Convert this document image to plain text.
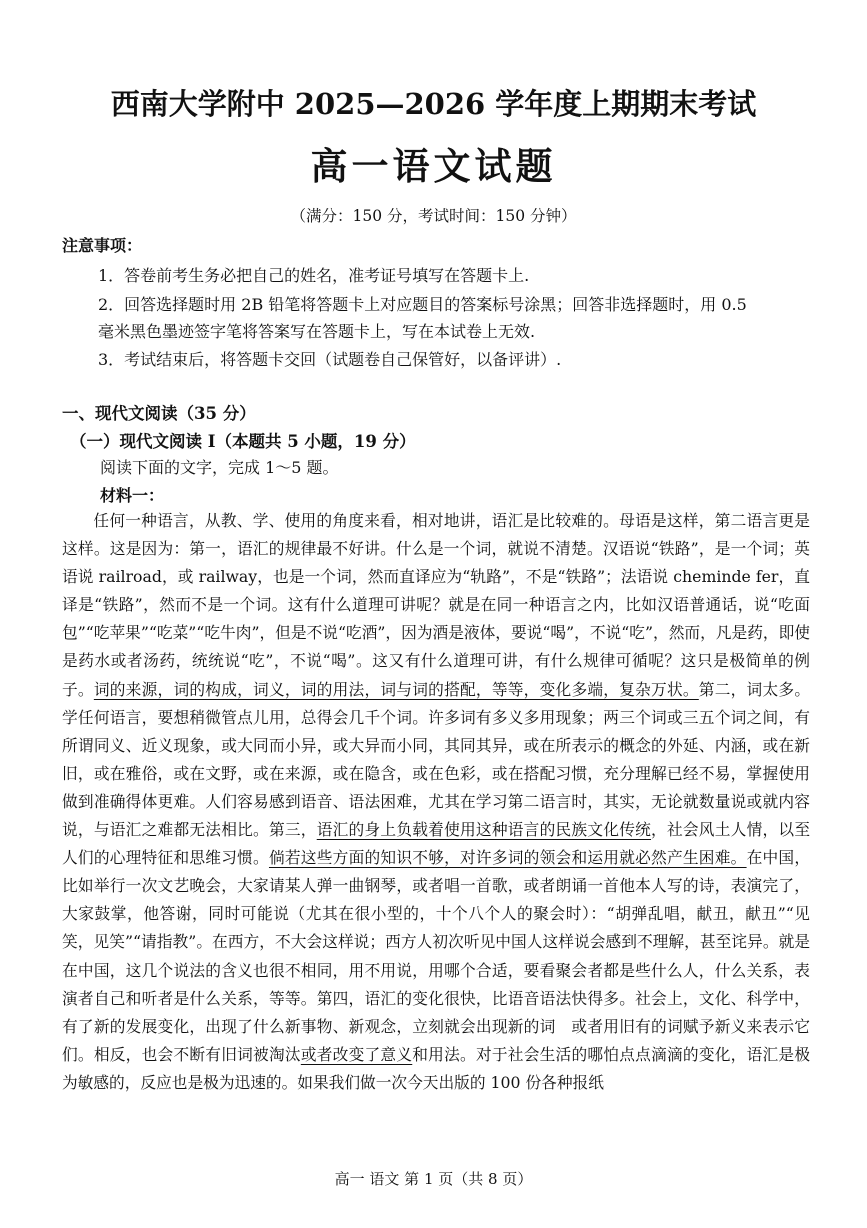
西南大学附中 2025—2026 学年度上期期末考试
高一语文试题
（满分：150 分，考试时间：150 分钟）
注意事项：
1．答卷前考生务必把自己的姓名，准考证号填写在答题卡上.
2．回答选择题时用 2B 铅笔将答题卡上对应题目的答案标号涂黑；回答非选择题时，用 0.5
毫米黑色墨迹签字笔将答案写在答题卡上，写在本试卷上无效.
3．考试结束后，将答题卡交回（试题卷自己保管好，以备评讲）.
一、现代文阅读（35 分）
（一）现代文阅读 I（本题共 5 小题，19 分）
阅读下面的文字，完成 1～5 题。
材料一：
任何一种语言，从教、学、使用的角度来看，相对地讲，语汇是比较难的。母语是这样，第二语言更是这样。这是因为：第一，语汇的规律最不好讲。什么是一个词，就说不清楚。汉语说“铁路”，是一个词；英语说 railroad，或 railway，也是一个词，然而直译应为“轨路”，不是“铁路”；法语说 cheminde fer，直译是“铁路”，然而不是一个词。这有什么道理可讲呢？就是在同一种语言之内，比如汉语普通话，说“吃面包”“吃苹果”“吃菜”“吃牛肉”，但是不说“吃酒”，因为酒是液体，要说“喝”，不说“吃”，然而，凡是药，即使是药水或者汤药，统统说“吃”，不说“喝”。这又有什么道理可讲，有什么规律可循呢？这只是极简单的例子。词的来源，词的构成，词义，词的用法，词与词的搭配，等等，变化多端，复杂万状。第二，词太多。学任何语言，要想稍微管点儿用，总得会几千个词。许多词有多义多用现象；两三个词或三五个词之间，有所谓同义、近义现象，或大同而小异，或大异而小同，其同其异，或在所表示的概念的外延、内涵，或在新旧，或在雅俗，或在文野，或在来源，或在隐含，或在色彩，或在搭配习惯，充分理解已经不易，掌握使用做到准确得体更难。人们容易感到语音、语法困难，尤其在学习第二语言时，其实，无论就数量说或就内容说，与语汇之难都无法相比。第三，语汇的身上负载着使用这种语言的民族文化传统，社会风土人情，以至人们的心理特征和思维习惯。倘若这些方面的知识不够，对许多词的领会和运用就必然产生困难。在中国，比如举行一次文艺晚会，大家请某人弹一曲钢琴，或者唱一首歌，或者朗诵一首他本人写的诗，表演完了，大家鼓掌，他答谢，同时可能说（尤其在很小型的，十个八个人的聚会时）：“胡弹乱唱，献丑，献丑”“见笑，见笑”“请指教”。在西方，不大会这样说；西方人初次听见中国人这样说会感到不理解，甚至诧异。就是在中国，这几个说法的含义也很不相同，用不用说，用哪个合适，要看聚会者都是些什么人，什么关系，表演者自己和听者是什么关系，等等。第四，语汇的变化很快，比语音语法快得多。社会上，文化、科学中，有了新的发展变化，出现了什么新事物、新观念，立刻就会出现新的词　或者用旧有的词赋予新义来表示它们。相反，也会不断有旧词被淘汰或者改变了意义和用法。对于社会生活的哪怕点点滴滴的变化，语汇是极为敏感的，反应也是极为迅速的。如果我们做一次今天出版的 100 份各种报纸
高一 语文 第 1 页（共 8 页）
